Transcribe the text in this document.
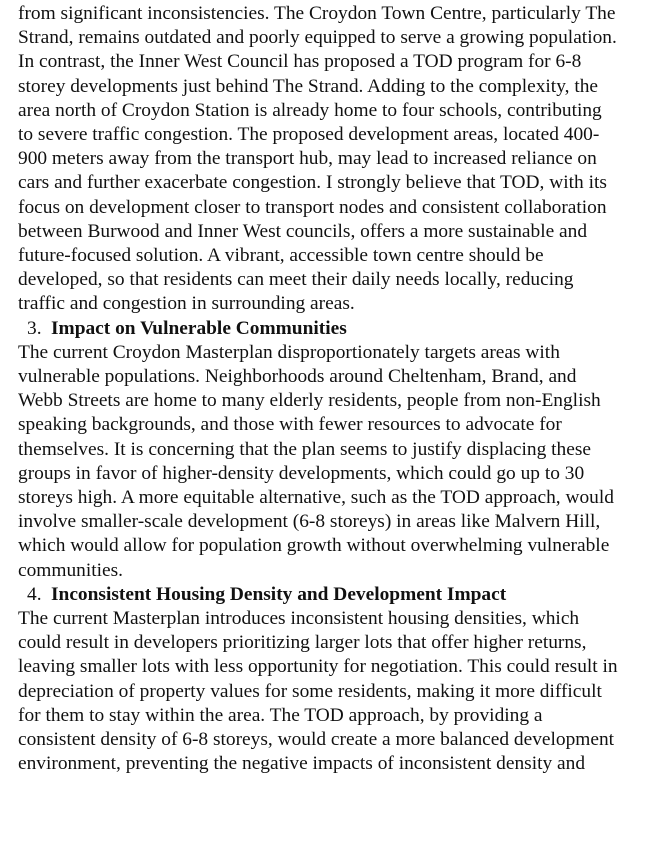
from significant inconsistencies. The Croydon Town Centre, particularly The
Strand, remains outdated and poorly equipped to serve a growing population.
In contrast, the Inner West Council has proposed a TOD program for 6-8
storey developments just behind The Strand. Adding to the complexity, the
area north of Croydon Station is already home to four schools, contributing
to severe traffic congestion. The proposed development areas, located 400-
900 meters away from the transport hub, may lead to increased reliance on
cars and further exacerbate congestion. I strongly believe that TOD, with its
focus on development closer to transport nodes and consistent collaboration
between Burwood and Inner West councils, offers a more sustainable and
future-focused solution. A vibrant, accessible town centre should be
developed, so that residents can meet their daily needs locally, reducing
traffic and congestion in surrounding areas.
3. Impact on Vulnerable Communities
The current Croydon Masterplan disproportionately targets areas with
vulnerable populations. Neighborhoods around Cheltenham, Brand, and
Webb Streets are home to many elderly residents, people from non-English
speaking backgrounds, and those with fewer resources to advocate for
themselves. It is concerning that the plan seems to justify displacing these
groups in favor of higher-density developments, which could go up to 30
storeys high. A more equitable alternative, such as the TOD approach, would
involve smaller-scale development (6-8 storeys) in areas like Malvern Hill,
which would allow for population growth without overwhelming vulnerable
communities.
4. Inconsistent Housing Density and Development Impact
The current Masterplan introduces inconsistent housing densities, which
could result in developers prioritizing larger lots that offer higher returns,
leaving smaller lots with less opportunity for negotiation. This could result in
depreciation of property values for some residents, making it more difficult
for them to stay within the area. The TOD approach, by providing a
consistent density of 6-8 storeys, would create a more balanced development
environment, preventing the negative impacts of inconsistent density and
